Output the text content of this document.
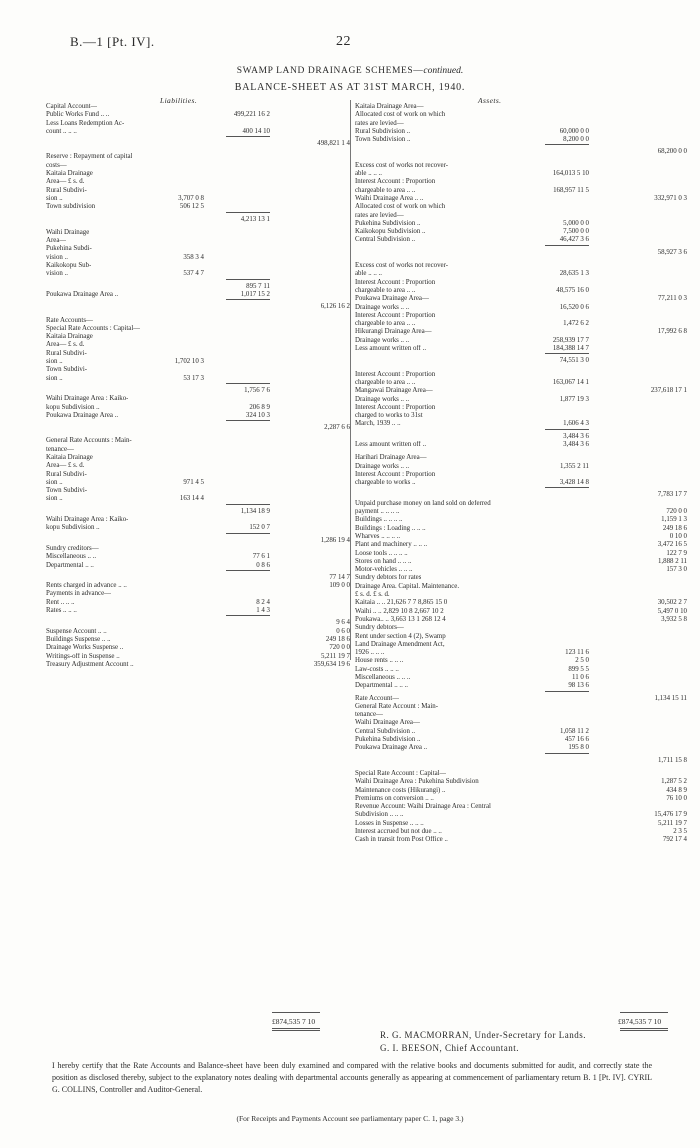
B.—1 [Pt. IV].	22
SWAMP LAND DRAINAGE SCHEMES—continued.
BALANCE-SHEET AS AT 31ST MARCH, 1940.
Liabilities.	Assets.
Capital Account—
Public Works Fund .. ..	499,221 16 2
Less Loans Redemption Ac-
count .. .. ..	400 14 10
498,821 1 4
Reserve : Repayment of capital
costs—
Kaitaia Drainage
Area— £ s. d.
Rural Subdivi-
sion ..	3,707 0 8
Town subdivision	506 12 5
4,213 13 1
Waihi Drainage
Area—
Pukehina Subdi-
vision ..	358 3 4
Kaikokopu Sub-
vision ..	537 4 7
895 7 11
Poukawa Drainage Area ..	1,017 15 2
6,126 16 2
Rate Accounts—
Special Rate Accounts : Capital—
Kaitaia Drainage
Area— £ s. d.
Rural Subdivi-
sion ..	1,702 10 3
Town Subdivi-
sion ..	53 17 3
1,756 7 6
Waihi Drainage Area : Kaiko-
kopu Subdivision ..	206 8 9
Poukawa Drainage Area ..	324 10 3
2,287 6 6
General Rate Accounts : Main-
tenance—
Kaitaia Drainage
Area— £ s. d.
Rural Subdivi-
sion ..	971 4 5
Town Subdivi-
sion ..	163 14 4
1,134 18 9
Waihi Drainage Area : Kaiko-
kopu Subdivision ..	152 0 7
1,286 19 4
Sundry creditors—
Miscellaneous .. ..	77 6 1
Departmental .. ..	0 8 6
77 14 7
Rents charged in advance .. ..	109 0 0
Payments in advance—
Rent .. .. ..	8 2 4
Rates .. .. ..	1 4 3
9 6 4
Suspense Account .. ..	0 6 0
Buildings Suspense .. ..	249 18 6
Drainage Works Suspense ..	720 0 0
Writings-off in Suspense ..	5,211 19 7
Treasury Adjustment Account ..	359,634 19 6
Kaitaia Drainage Area—
Allocated cost of work on which
rates are levied—
Rural Subdivision ..	60,000 0 0
Town Subdivision ..	8,200 0 0
68,200 0 0
Excess cost of works not recover-
able .. .. ..	164,013 5 10
Interest Account : Proportion
chargeable to area .. ..	168,957 11 5
Waihi Drainage Area .. ..	332,971 0 3
Allocated cost of work on which
rates are levied—
Pukehina Subdivision ..	5,000 0 0
Kaikokopu Subdivision ..	7,500 0 0
Central Subdivision ..	46,427 3 6
58,927 3 6
Excess cost of works not recover-
able .. .. ..	28,635 1 3
Interest Account : Proportion
chargeable to area .. ..	48,575 16 0
Poukawa Drainage Area—	77,211 0 3
Drainage works .. ..	16,520 0 6
Interest Account : Proportion
chargeable to area .. ..	1,472 6 2
Hikurangi Drainage Area—	17,992 6 8
Drainage works .. ..	258,939 17 7
Less amount written off ..	184,388 14 7
74,551 3 0
Interest Account : Proportion
chargeable to area .. ..	163,067 14 1
Mangawai Drainage Area—	237,618 17 1
Drainage works .. ..	1,877 19 3
Interest Account : Proportion
charged to works to 31st
March, 1939 .. ..	1,606 4 3
3,484 3 6
Less amount written off ..	3,484 3 6
Harihari Drainage Area—
Drainage works .. ..	1,355 2 11
Interest Account : Proportion
chargeable to works ..	3,428 14 8
7,783 17 7
Unpaid purchase money on land sold on deferred
payment .. .. .. ..	720 0 0
Buildings .. .. .. ..	1,159 1 3
Buildings : Loading .. .. ..	249 18 6
Wharves .. .. .. ..	0 10 0
Plant and machinery .. .. ..	3,472 16 5
Loose tools .. .. .. ..	122 7 9
Stores on hand .. .. ..	1,888 2 11
Motor-vehicles .. .. ..	157 3 0
Sundry debtors for rates
Drainage Area. Capital. Maintenance.
£ s. d. £ s. d.
Kaitaia .. .. 21,626 7 7 8,865 15 0	30,502 2 7
Waihi .. .. 2,829 10 8 2,667 10 2	5,497 0 10
Poukawa.. .. 3,663 13 1 268 12 4	3,932 5 8
Sundry debtors—
Rent under section 4 (2), Swamp
Land Drainage Amendment Act,
1926 .. .. ..	123 11 6
House rents .. .. ..	2 5 0
Law-costs .. .. ..	899 5 5
Miscellaneous .. .. ..	11 0 6
Departmental .. .. ..	98 13 6
Rate Account—	1,134 15 11
General Rate Account : Main-
tenance—
Waihi Drainage Area—
Central Subdivision ..	1,058 11 2
Pukehina Subdivision ..	457 16 6
Poukawa Drainage Area ..	195 8 0
1,711 15 8
Special Rate Account : Capital—
Waihi Drainage Area : Pukehina Subdivision	1,287 5 2
Maintenance costs (Hikurangi) ..	434 8 9
Premiums on conversion .. ..	76 10 0
Revenue Account: Waihi Drainage Area : Central
Subdivision .. .. ..	15,476 17 9
Losses in Suspense .. .. ..	5,211 19 7
Interest accrued but not due .. ..	2 3 5
Cash in transit from Post Office ..	792 17 4
£874,535 7 10	£874,535 7 10
R. G. MACMORRAN, Under-Secretary for Lands.
G. I. BEESON, Chief Accountant.
I hereby certify that the Rate Accounts and Balance-sheet have been duly examined and compared with the relative books and documents submitted for audit, and correctly state the position as disclosed thereby, subject to the explanatory notes dealing with departmental accounts generally as appearing at commencement of parliamentary return B. 1 [Pt. IV]. CYRIL G. COLLINS, Controller and Auditor-General.
(For Receipts and Payments Account see parliamentary paper C. 1, page 3.)
